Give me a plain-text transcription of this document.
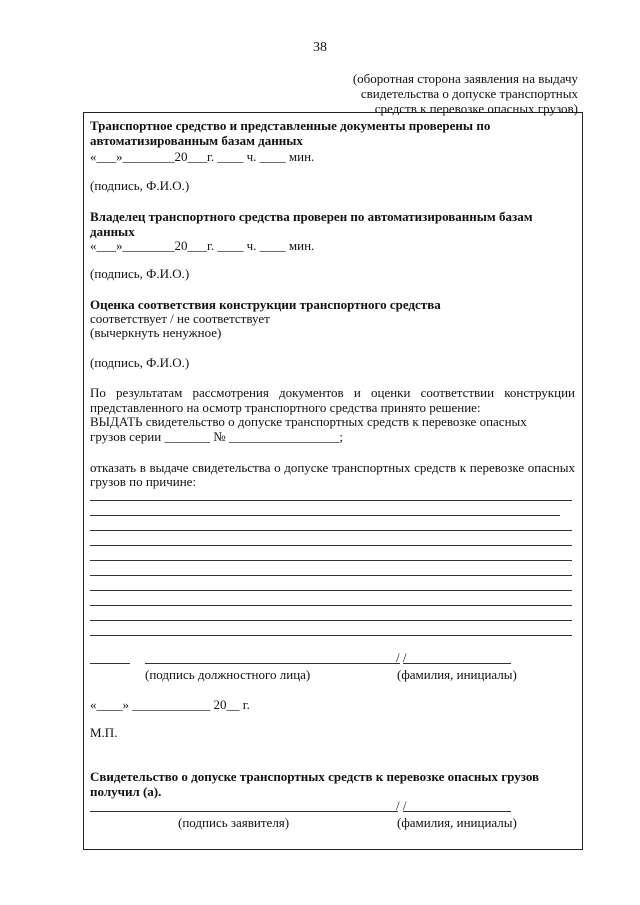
38
(оборотная сторона заявления на выдачу
свидетельства о допуске транспортных
средств к перевозке опасных грузов)
Транспортное средство и представленные документы проверены по
автоматизированным базам данных
«___»________20___г. ____ ч. ____ мин.
(подпись, Ф.И.О.)
Владелец транспортного средства проверен по автоматизированным базам
данных
«___»________20___г. ____ ч. ____ мин.
(подпись, Ф.И.О.)
Оценка соответствия конструкции транспортного средства
соответствует / не соответствует
(вычеркнуть ненужное)
(подпись, Ф.И.О.)
По результатам рассмотрения документов и оценки соответствии конструкции
представленного на осмотр транспортного средства принято решение:
ВЫДАТЬ свидетельство о допуске транспортных средств к перевозке опасных
грузов серии _______ № _________________;
отказать в выдаче свидетельства о допуске транспортных средств к перевозке опасных
грузов по причине:
/ /
(подпись должностного лица)	(фамилия, инициалы)
«____» ____________ 20__ г.
М.П.
Свидетельство о допуске транспортных средств к перевозке опасных грузов
получил (а).
/ /
(подпись заявителя)	(фамилия, инициалы)
